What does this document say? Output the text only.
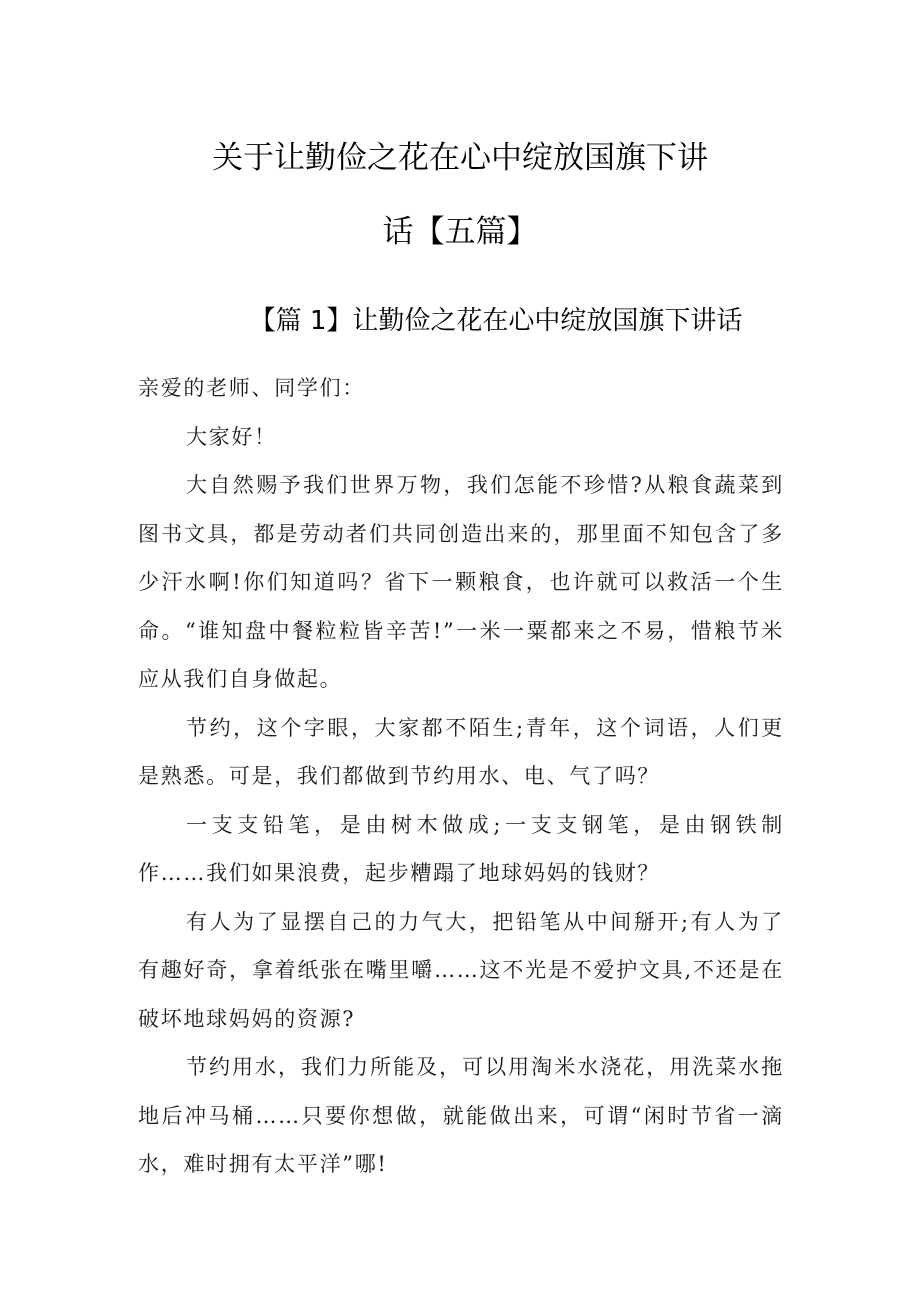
关于让勤俭之花在心中绽放国旗下讲
话【五篇】
【篇 1】让勤俭之花在心中绽放国旗下讲话

亲爱的老师、同学们：

大家好！

大自然赐予我们世界万物，我们怎能不珍惜?从粮食蔬菜到图书文具，都是劳动者们共同创造出来的，那里面不知包含了多少汗水啊!你们知道吗？省下一颗粮食，也许就可以救活一个生命。“谁知盘中餐粒粒皆辛苦!”一米一粟都来之不易，惜粮节米应从我们自身做起。

节约，这个字眼，大家都不陌生;青年，这个词语，人们更是熟悉。可是，我们都做到节约用水、电、气了吗？

一支支铅笔，是由树木做成;一支支钢笔，是由钢铁制作……我们如果浪费，起步糟蹋了地球妈妈的钱财？

有人为了显摆自己的力气大，把铅笔从中间掰开;有人为了有趣好奇，拿着纸张在嘴里嚼……这不光是不爱护文具,不还是在破坏地球妈妈的资源?

节约用水，我们力所能及，可以用淘米水浇花，用洗菜水拖地后冲马桶……只要你想做，就能做出来，可谓“闲时节省一滴水，难时拥有太平洋”哪!
